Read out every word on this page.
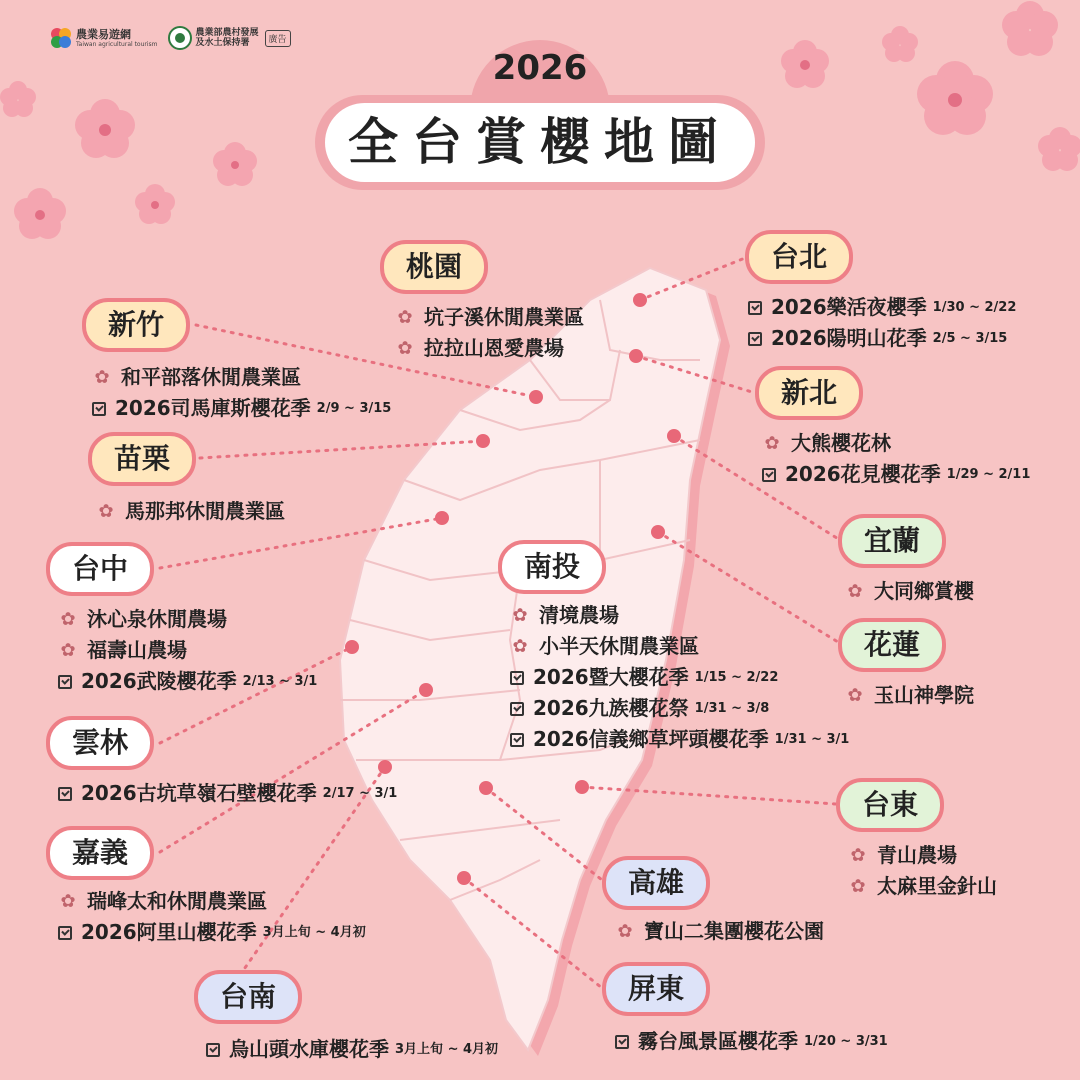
農業易遊網
Taiwan agricultural tourism
農業部農村發展
及水土保持署	廣告
2026
全台賞櫻地圖
桃園
✿ 坑子溪休閒農業區
✿ 拉拉山恩愛農場
台北
2026樂活夜櫻季 1/30 ~ 2/22
2026陽明山花季 2/5 ~ 3/15
新竹
✿ 和平部落休閒農業區
2026司馬庫斯櫻花季 2/9 ~ 3/15	新北
✿ 大熊櫻花林
2026花見櫻花季 1/29 ~ 2/11
苗栗
✿ 馬那邦休閒農業區
宜蘭
✿ 大同鄉賞櫻
台中
✿ 沐心泉休閒農場
✿ 福壽山農場
2026武陵櫻花季 2/13 ~ 3/1
南投
✿ 清境農場
✿ 小半天休閒農業區
2026暨大櫻花季 1/15 ~ 2/22
2026九族櫻花祭 1/31 ~ 3/8
2026信義鄉草坪頭櫻花季 1/31 ~ 3/1
花蓮
✿ 玉山神學院
雲林
2026古坑草嶺石壁櫻花季 2/17 ~ 3/1	台東
✿ 青山農場
✿ 太麻里金針山
嘉義
✿ 瑞峰太和休閒農業區
2026阿里山櫻花季 3月上旬 ~ 4月初
高雄
✿ 寶山二集團櫻花公園
台南
烏山頭水庫櫻花季 3月上旬 ~ 4月初
屏東
霧台風景區櫻花季 1/20 ~ 3/31
